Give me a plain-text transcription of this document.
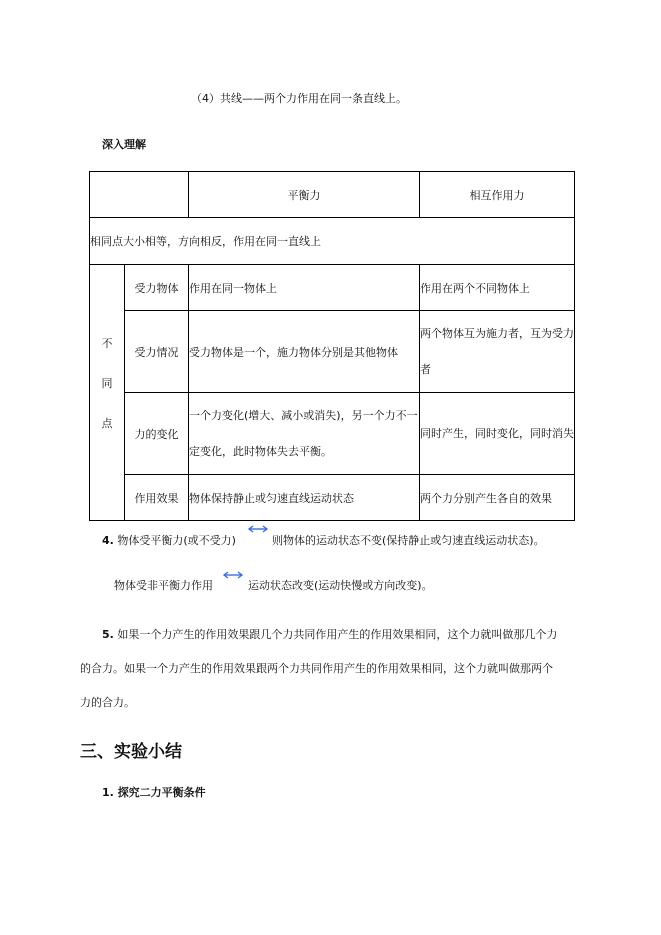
（4）共线——两个力作用在同一条直线上。
深入理解
		平衡力	相互作用力
相同点大小相等，方向相反，作用在同一直线上			

不
同
点	受力物体	作用在同一物体上	作用在两个不同物体上
	受力情况	受力物体是一个，施力物体分别是其他物体	两个物体互为施力者，互为受力者
	力的变化	一个力变化(增大、减小或消失)，另一个力不一定变化，此时物体失去平衡。	同时产生，同时变化，同时消失
	作用效果	物体保持静止或匀速直线运动状态	两个力分别产生各自的效果
4. 物体受平衡力(或不受力)	则物体的运动状态不变(保持静止或匀速直线运动状态)。
物体受非平衡力作用	运动状态改变(运动快慢或方向改变)。
5. 如果一个力产生的作用效果跟几个力共同作用产生的作用效果相同，这个力就叫做那几个力
的合力。如果一个力产生的作用效果跟两个力共同作用产生的作用效果相同，这个力就叫做那两个
力的合力。
三、实验小结
1. 探究二力平衡条件
